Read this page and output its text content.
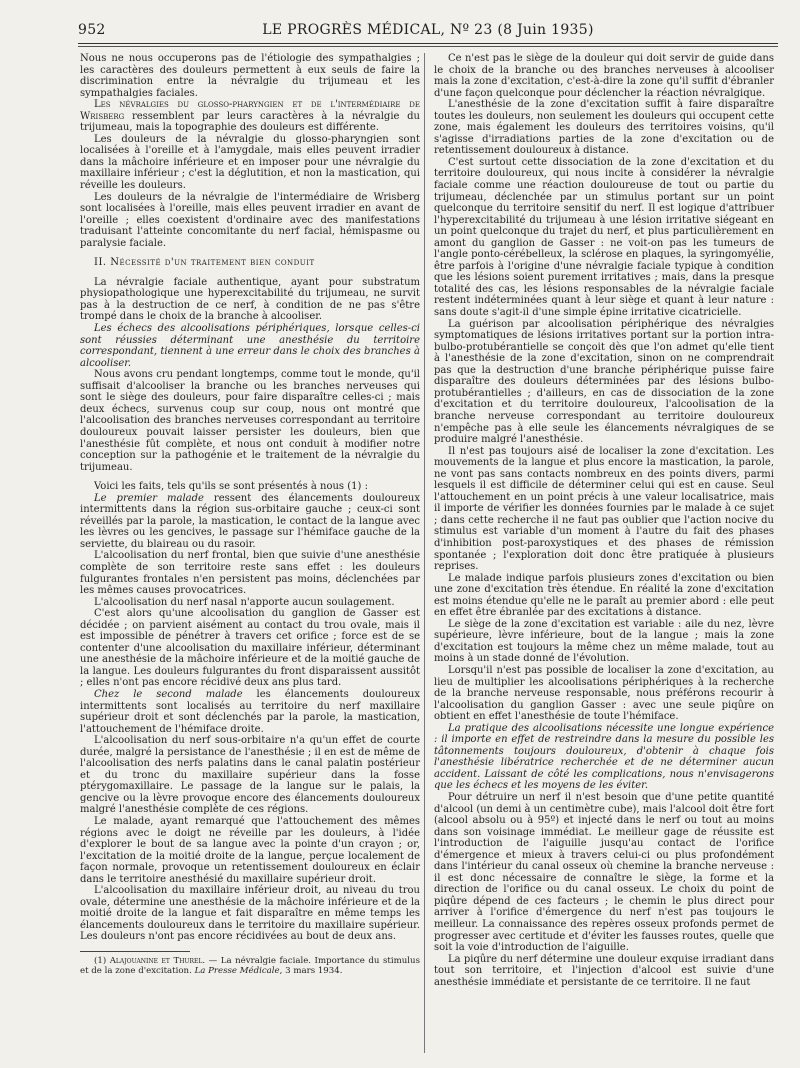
952	LE PROGRÈS MÉDICAL, Nº 23 (8 Juin 1935)

Nous ne nous occuperons pas de l'étiologie des sympathalgies ; les caractères des douleurs permettent à eux seuls de faire la discrimination entre la névralgie du trijumeau et les sympathalgies faciales.

Les névralgies du glosso-pharyngien et de l'intermédiaire de Wrisberg ressemblent par leurs caractères à la névralgie du trijumeau, mais la topographie des douleurs est différente.

Les douleurs de la névralgie du glosso-pharyngien sont localisées à l'oreille et à l'amygdale, mais elles peuvent irradier dans la mâchoire inférieure et en imposer pour une névralgie du maxillaire inférieur ; c'est la déglutition, et non la mastication, qui réveille les douleurs.

Les douleurs de la névralgie de l'intermédiaire de Wrisberg sont localisées à l'oreille, mais elles peuvent irradier en avant de l'oreille ; elles coexistent d'ordinaire avec des manifestations traduisant l'atteinte concomitante du nerf facial, hémispasme ou paralysie faciale.

II. Nécessité d'un traitement bien conduit

La névralgie faciale authentique, ayant pour substratum physiopathologique une hyperexcitabilité du trijumeau, ne survit pas à la destruction de ce nerf, à condition de ne pas s'être trompé dans le choix de la branche à alcooliser.

Les échecs des alcoolisations périphériques, lorsque celles-ci sont réussies déterminant une anesthésie du territoire correspondant, tiennent à une erreur dans le choix des branches à alcooliser.

Nous avons cru pendant longtemps, comme tout le monde, qu'il suffisait d'alcooliser la branche ou les branches nerveuses qui sont le siège des douleurs, pour faire disparaître celles-ci ; mais deux échecs, survenus coup sur coup, nous ont montré que l'alcoolisation des branches nerveuses correspondant au territoire douloureux pouvait laisser persister les douleurs, bien que l'anesthésie fût complète, et nous ont conduit à modifier notre conception sur la pathogénie et le traitement de la névralgie du trijumeau.

Voici les faits, tels qu'ils se sont présentés à nous (1) :

Le premier malade ressent des élancements douloureux intermittents dans la région sus-orbitaire gauche ; ceux-ci sont réveillés par la parole, la mastication, le contact de la langue avec les lèvres ou les gencives, le passage sur l'hémiface gauche de la serviette, du blaireau ou du rasoir.

L'alcoolisation du nerf frontal, bien que suivie d'une anesthésie complète de son territoire reste sans effet : les douleurs fulgurantes frontales n'en persistent pas moins, déclenchées par les mêmes causes provocatrices.

L'alcoolisation du nerf nasal n'apporte aucun soulagement.

C'est alors qu'une alcoolisation du ganglion de Gasser est décidée ; on parvient aisément au contact du trou ovale, mais il est impossible de pénétrer à travers cet orifice ; force est de se contenter d'une alcoolisation du maxillaire inférieur, déterminant une anesthésie de la mâchoire inférieure et de la moitié gauche de la langue. Les douleurs fulgurantes du front disparaissent aussitôt ; elles n'ont pas encore récidivé deux ans plus tard.

Chez le second malade les élancements douloureux intermittents sont localisés au territoire du nerf maxillaire supérieur droit et sont déclenchés par la parole, la mastication, l'attouchement de l'hémiface droite.

L'alcoolisation du nerf sous-orbitaire n'a qu'un effet de courte durée, malgré la persistance de l'anesthésie ; il en est de même de l'alcoolisation des nerfs palatins dans le canal palatin postérieur et du tronc du maxillaire supérieur dans la fosse ptérygomaxillaire. Le passage de la langue sur le palais, la gencive ou la lèvre provoque encore des élancements douloureux malgré l'anesthésie complète de ces régions.

Le malade, ayant remarqué que l'attouchement des mêmes régions avec le doigt ne réveille par les douleurs, à l'idée d'explorer le bout de sa langue avec la pointe d'un crayon ; or, l'excitation de la moitié droite de la langue, perçue localement de façon normale, provoque un retentissement douloureux en éclair dans le territoire anesthésié du maxillaire supérieur droit.

L'alcoolisation du maxillaire inférieur droit, au niveau du trou ovale, détermine une anesthésie de la mâchoire inférieure et de la moitié droite de la langue et fait disparaître en même temps les élancements douloureux dans le territoire du maxillaire supérieur. Les douleurs n'ont pas encore récidivées au bout de deux ans.

(1) Alajouanine et Thurel. — La névralgie faciale. Importance du stimulus et de la zone d'excitation. La Presse Médicale, 3 mars 1934.

Ce n'est pas le siège de la douleur qui doit servir de guide dans le choix de la branche ou des branches nerveuses à alcooliser mais la zone d'excitation, c'est-à-dire la zone qu'il suffit d'ébranler d'une façon quelconque pour déclencher la réaction névralgique.

L'anesthésie de la zone d'excitation suffit à faire disparaître toutes les douleurs, non seulement les douleurs qui occupent cette zone, mais également les douleurs des territoires voisins, qu'il s'agisse d'irradiations parties de la zone d'excitation ou de retentissement douloureux à distance.

C'est surtout cette dissociation de la zone d'excitation et du territoire douloureux, qui nous incite à considérer la névralgie faciale comme une réaction douloureuse de tout ou partie du trijumeau, déclenchée par un stimulus portant sur un point quelconque du territoire sensitif du nerf. Il est logique d'attribuer l'hyperexcitabilité du trijumeau à une lésion irritative siégeant en un point quelconque du trajet du nerf, et plus particulièrement en amont du ganglion de Gasser : ne voit-on pas les tumeurs de l'angle ponto-cérébelleux, la sclérose en plaques, la syringomyélie, être parfois à l'origine d'une névralgie faciale typique à condition que les lésions soient purement irritatives ; mais, dans la presque totalité des cas, les lésions responsables de la névralgie faciale restent indéterminées quant à leur siège et quant à leur nature : sans doute s'agit-il d'une simple épine irritative cicatricielle.

La guérison par alcoolisation périphérique des névralgies symptomatiques de lésions irritatives portant sur la portion intra-bulbo-protubérantielle se conçoit dès que l'on admet qu'elle tient à l'anesthésie de la zone d'excitation, sinon on ne comprendrait pas que la destruction d'une branche périphérique puisse faire disparaître des douleurs déterminées par des lésions bulbo-protubérantielles ; d'ailleurs, en cas de dissociation de la zone d'excitation et du territoire douloureux, l'alcoolisation de la branche nerveuse correspondant au territoire douloureux n'empêche pas à elle seule les élancements névralgiques de se produire malgré l'anesthésie.

Il n'est pas toujours aisé de localiser la zone d'excitation. Les mouvements de la langue et plus encore la mastication, la parole, ne vont pas sans contacts nombreux en des points divers, parmi lesquels il est difficile de déterminer celui qui est en cause. Seul l'attouchement en un point précis à une valeur localisatrice, mais il importe de vérifier les données fournies par le malade à ce sujet ; dans cette recherche il ne faut pas oublier que l'action nocive du stimulus est variable d'un moment à l'autre du fait des phases d'inhibition post-paroxystiques et des phases de rémission spontanée ; l'exploration doit donc être pratiquée à plusieurs reprises.

Le malade indique parfois plusieurs zones d'excitation ou bien une zone d'excitation très étendue. En réalité la zone d'excitation est moins étendue qu'elle ne le paraît au premier abord : elle peut en effet être ébranlée par des excitations à distance.

Le siège de la zone d'excitation est variable : aile du nez, lèvre supérieure, lèvre inférieure, bout de la langue ; mais la zone d'excitation est toujours la même chez un même malade, tout au moins à un stade donné de l'évolution.

Lorsqu'il n'est pas possible de localiser la zone d'excitation, au lieu de multiplier les alcoolisations périphériques à la recherche de la branche nerveuse responsable, nous préférons recourir à l'alcoolisation du ganglion Gasser : avec une seule piqûre on obtient en effet l'anesthésie de toute l'hémiface.

La pratique des alcoolisations nécessite une longue expérience : il importe en effet de restreindre dans la mesure du possible les tâtonnements toujours douloureux, d'obtenir à chaque fois l'anesthésie libératrice recherchée et de ne déterminer aucun accident. Laissant de côté les complications, nous n'envisagerons que les échecs et les moyens de les éviter.

Pour détruire un nerf il n'est besoin que d'une petite quantité d'alcool (un demi à un centimètre cube), mais l'alcool doit être fort (alcool absolu ou à 95º) et injecté dans le nerf ou tout au moins dans son voisinage immédiat. Le meilleur gage de réussite est l'introduction de l'aiguille jusqu'au contact de l'orifice d'émergence et mieux à travers celui-ci ou plus profondément dans l'intérieur du canal osseux où chemine la branche nerveuse : il est donc nécessaire de connaître le siège, la forme et la direction de l'orifice ou du canal osseux. Le choix du point de piqûre dépend de ces facteurs ; le chemin le plus direct pour arriver à l'orifice d'émergence du nerf n'est pas toujours le meilleur. La connaissance des repères osseux profonds permet de progresser avec certitude et d'éviter les fausses routes, quelle que soit la voie d'introduction de l'aiguille.

La piqûre du nerf détermine une douleur exquise irradiant dans tout son territoire, et l'injection d'alcool est suivie d'une anesthésie immédiate et persistante de ce territoire. Il ne faut
